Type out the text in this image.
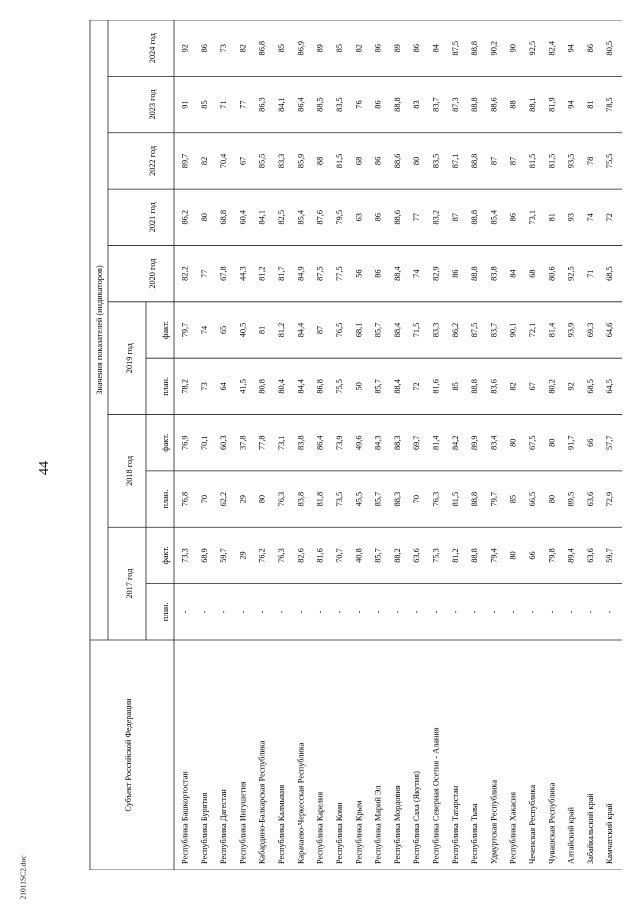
44
21011SC2.doc
2017 год
2018 год
2019 год
2020 год
2021 год
2022 год
2023 год
2024 год
план.
факт.
план.
факт.
план.
факт.
Субъект Российской Федерации
Значения показателей (индикаторов)
Республика Башкортостан
-
73,3
76,8
76,9
78,2
79,7
82,2
86,2
89,7
91
92
Республика Бурятия
-
68,9
70
70,1
73
74
77
80
82
85
86
Республика Дагестан
-
59,7
62,2
60,3
64
65
67,8
68,8
70,4
71
73
Республика Ингушетия
-
29
29
37,8
41,5
40,5
44,3
60,4
67
77
82
Кабардино-Балкарская Республика
-
76,2
80
77,8
80,8
81
81,2
84,1
85,5
86,3
86,8
Республика Калмыкия
-
76,3
76,3
73,1
80,4
81,2
81,7
82,5
83,3
84,1
85
Карачаево-Черкесская Республика
-
82,6
83,8
83,8
84,4
84,4
84,9
85,4
85,9
86,4
86,9
Республика Карелия
-
81,6
81,8
86,4
86,8
87
87,5
87,6
88
88,5
89
Республика Коми
-
70,7
73,5
73,9
75,5
76,5
77,5
79,5
81,5
83,5
85
Республика Крым
-
40,8
45,5
49,6
50
68,1
56
63
68
76
82
Республика Марий Эл
-
85,7
85,7
84,3
85,7
85,7
86
86
86
86
86
Республика Мордовия
-
88,2
88,3
88,3
88,4
88,4
88,4
88,6
88,6
88,8
89
Республика Саха (Якутия)
-
63,6
70
69,7
72
71,5
74
77
80
83
86
Республика Северная Осетия - Алания
-
75,3
76,3
81,4
81,6
83,3
82,9
83,2
83,5
83,7
84
Республика Татарстан
-
81,2
81,5
84,2
85
86,2
86
87
87,1
87,3
87,5
Республика Тыва
-
88,8
88,8
89,9
88,8
87,5
88,8
88,8
88,8
88,8
88,8
Удмуртская Республика
-
79,4
79,7
83,4
83,6
83,7
83,8
85,4
87
88,6
90,2
Республика Хакасия
-
80
85
80
82
90,1
84
86
87
88
90
Чеченская Республика
-
66
66,5
67,5
67
72,1
68
73,1
81,5
88,1
92,5
Чувашская Республика
-
79,8
80
80
80,2
81,4
80,6
81
81,5
81,9
82,4
Алтайский край
-
89,4
89,5
91,7
92
93,9
92,5
93
93,5
94
94
Забайкальский край
-
63,6
63,6
66
68,5
69,3
71
74
78
81
86
Камчатский край
-
59,7
72,9
57,7
64,5
64,6
68,5
72
75,5
78,5
80,5
